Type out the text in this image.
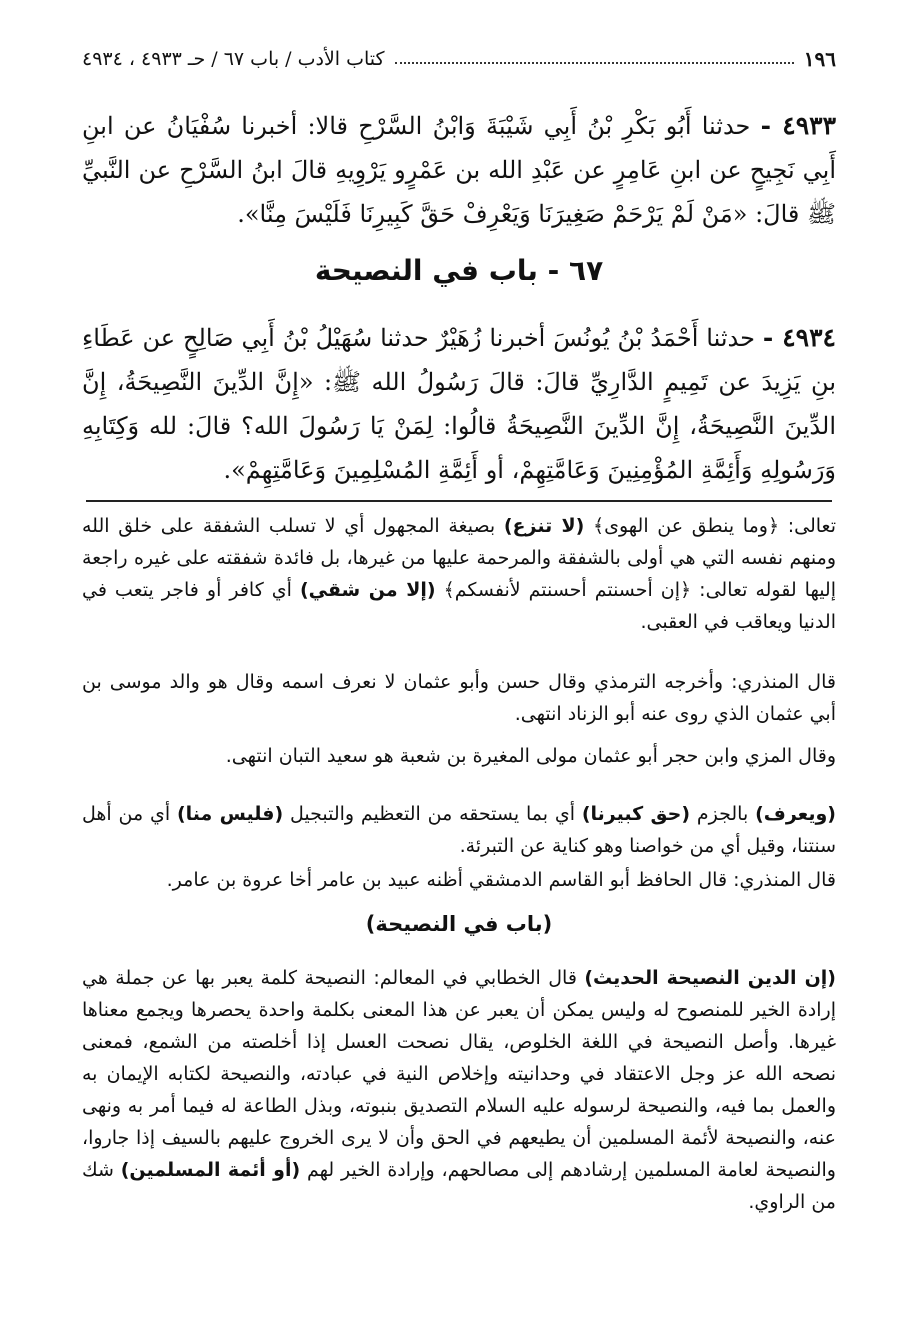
١٩٦
كتاب الأدب / باب ٦٧ / حـ ٤٩٣٣ ، ٤٩٣٤
٤٩٣٣ - حدثنا أَبُو بَكْرِ بْنُ أَبِي شَيْبَةَ وَابْنُ السَّرْحِ قالا: أخبرنا سُفْيَانُ عن ابنِ أَبِي نَجِيحٍ عن ابنِ عَامِرٍ عن عَبْدِ الله بن عَمْرٍو يَرْوِيهِ قالَ ابنُ السَّرْحِ عن النَّبيِّ ﷺ قالَ: «مَنْ لَمْ يَرْحَمْ صَغِيرَنَا وَيَعْرِفْ حَقَّ كَبِيرِنَا فَلَيْسَ مِنَّا».
٦٧ - باب في النصيحة
٤٩٣٤ - حدثنا أَحْمَدُ بْنُ يُونُسَ أخبرنا زُهَيْرٌ حدثنا سُهَيْلُ بْنُ أَبِي صَالِحٍ عن عَطَاءِ بنِ يَزِيدَ عن تَمِيمٍ الدَّارِيِّ قالَ: قالَ رَسُولُ الله ﷺ: «إِنَّ الدِّينَ النَّصِيحَةُ، إِنَّ الدِّينَ النَّصِيحَةُ، إِنَّ الدِّينَ النَّصِيحَةُ قالُوا: لِمَنْ يَا رَسُولَ الله؟ قالَ: لله وَكِتَابِهِ وَرَسُولِهِ وَأَئِمَّةِ المُؤْمِنِينَ وَعَامَّتِهِمْ، أو أَئِمَّةِ المُسْلِمِينَ وَعَامَّتِهِمْ».
تعالى: ﴿وما ينطق عن الهوى﴾ (لا تنزع) بصيغة المجهول أي لا تسلب الشفقة على خلق الله ومنهم نفسه التي هي أولى بالشفقة والمرحمة عليها من غيرها، بل فائدة شفقته على غيره راجعة إليها لقوله تعالى: ﴿إن أحسنتم أحسنتم لأنفسكم﴾ (إلا من شقي) أي كافر أو فاجر يتعب في الدنيا ويعاقب في العقبى.
قال المنذري: وأخرجه الترمذي وقال حسن وأبو عثمان لا نعرف اسمه وقال هو والد موسى بن أبي عثمان الذي روى عنه أبو الزناد انتهى.
وقال المزي وابن حجر أبو عثمان مولى المغيرة بن شعبة هو سعيد التبان انتهى.
(ويعرف) بالجزم (حق كبيرنا) أي بما يستحقه من التعظيم والتبجيل (فليس منا) أي من أهل سنتنا، وقيل أي من خواصنا وهو كناية عن التبرئة.
قال المنذري: قال الحافظ أبو القاسم الدمشقي أظنه عبيد بن عامر أخا عروة بن عامر.
(باب في النصيحة)
(إن الدين النصيحة الحديث) قال الخطابي في المعالم: النصيحة كلمة يعبر بها عن جملة هي إرادة الخير للمنصوح له وليس يمكن أن يعبر عن هذا المعنى بكلمة واحدة يحصرها ويجمع معناها غيرها. وأصل النصيحة في اللغة الخلوص، يقال نصحت العسل إذا أخلصته من الشمع، فمعنى نصحه الله عز وجل الاعتقاد في وحدانيته وإخلاص النية في عبادته، والنصيحة لكتابه الإيمان به والعمل بما فيه، والنصيحة لرسوله عليه السلام التصديق بنبوته، وبذل الطاعة له فيما أمر به ونهى عنه، والنصيحة لأئمة المسلمين أن يطيعهم في الحق وأن لا يرى الخروج عليهم بالسيف إذا جاروا، والنصيحة لعامة المسلمين إرشادهم إلى مصالحهم، وإرادة الخير لهم (أو أئمة المسلمين) شك من الراوي.
